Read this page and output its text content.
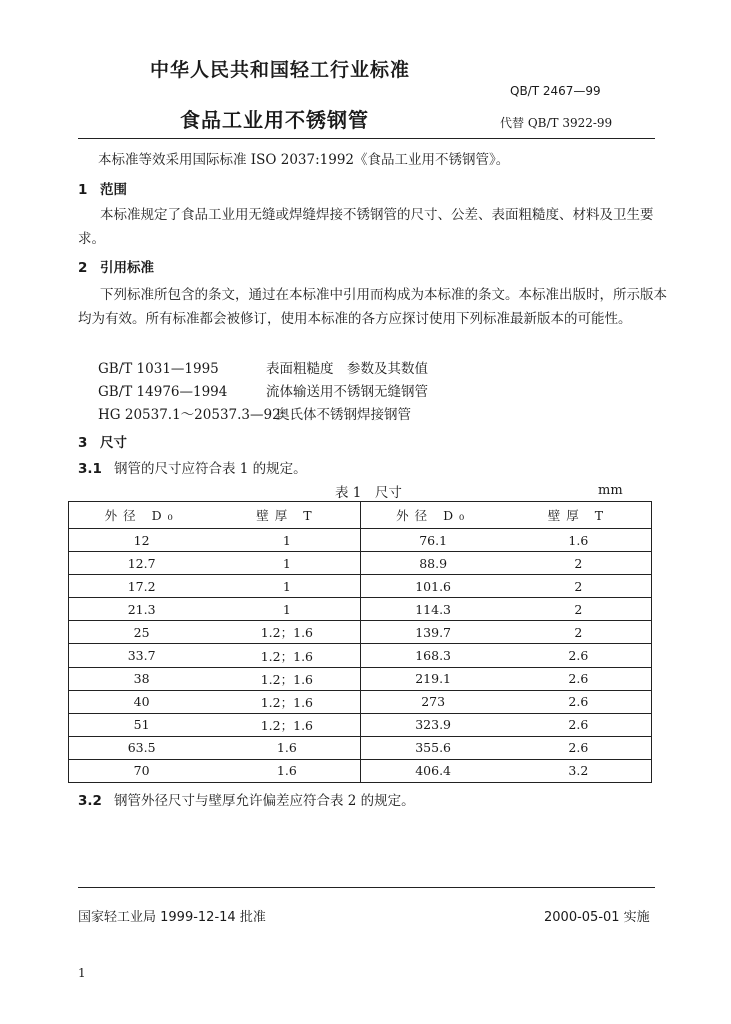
中华人民共和国轻工行业标准
QB/T 2467—99
食品工业用不锈钢管	代替 QB/T 3922-99
本标准等效采用国际标准 ISO 2037:1992《食品工业用不锈钢管》。
1 范围
本标准规定了食品工业用无缝或焊缝焊接不锈钢管的尺寸、公差、表面粗糙度、材料及卫生要求。
2 引用标准
下列标准所包含的条文，通过在本标准中引用而构成为本标准的条文。本标准出版时，所示版本均为有效。所有标准都会被修订，使用本标准的各方应探讨使用下列标准最新版本的可能性。
GB/T 1031—1995	表面粗糙度　参数及其数值
GB/T 14976—1994	流体输送用不锈钢无缝钢管
HG 20537.1～20537.3—92奥氏体不锈钢焊接钢管
3 尺寸
3.1 钢管的尺寸应符合表 1 的规定。
表 1　尺寸	mm
外径 D₀	壁厚 T	外径 D₀	壁厚 T
12	1	76.1	1.6
12.7	1	88.9	2
17.2	1	101.6	2
21.3	1	114.3	2
25	1.2；1.6	139.7	2
33.7	1.2；1.6	168.3	2.6
38	1.2；1.6	219.1	2.6
40	1.2；1.6	273	2.6
51	1.2；1.6	323.9	2.6
63.5	1.6	355.6	2.6
70	1.6	406.4	3.2
3.2 钢管外径尺寸与壁厚允许偏差应符合表 2 的规定。
国家轻工业局 1999-12-14 批准	2000-05-01 实施
1
